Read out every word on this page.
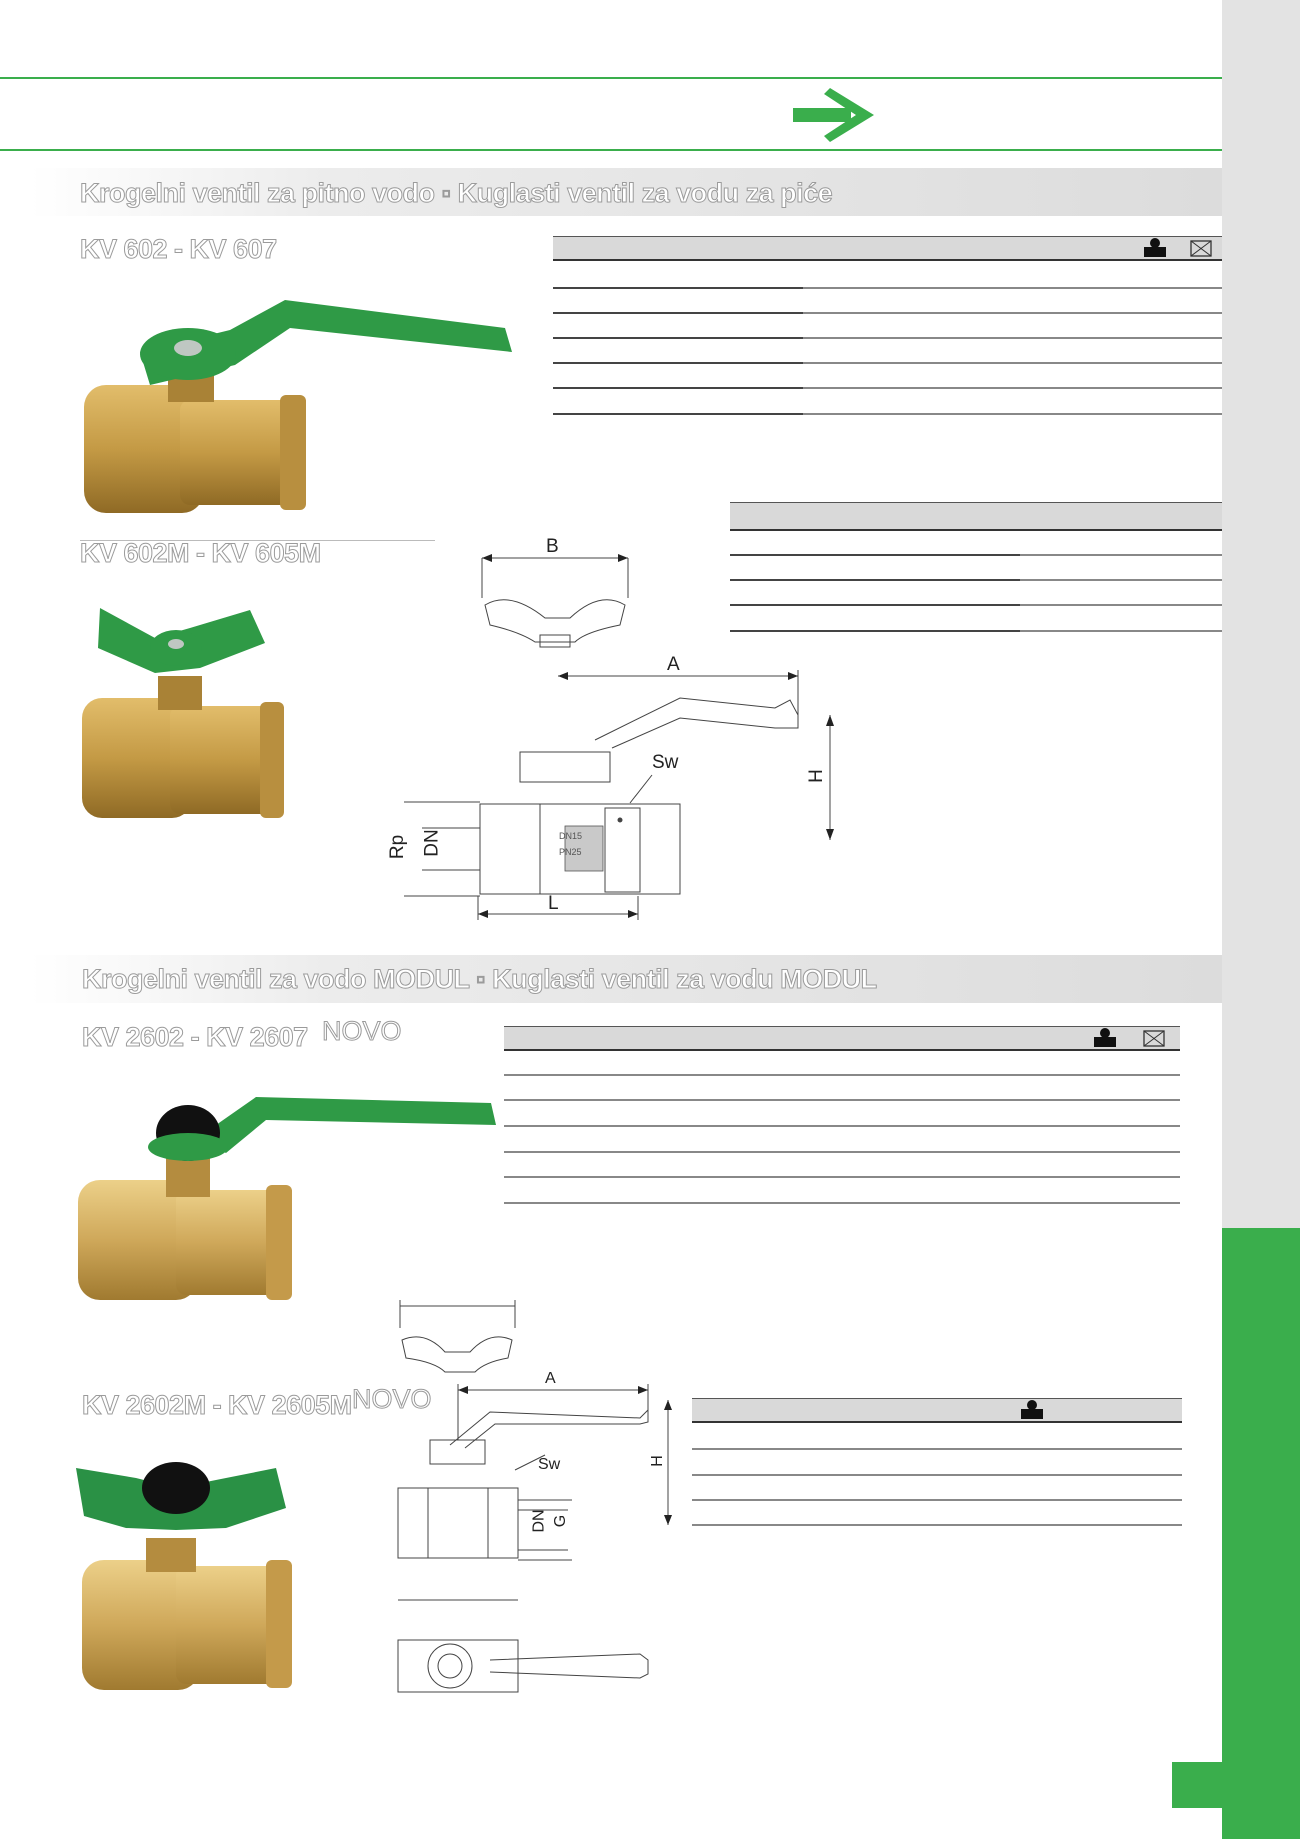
Krogelni ventil za pitno vodo ▫ Kuglasti ventil za vodu za piće
KV 602 - KV 607
KV 602M - KV 605M
DN15
PN25
B
A
Sw
H
Rp DN
L
Krogelni ventil za vodo MODUL ▫ Kuglasti ventil za vodu MODUL
KV 2602 - KV 2607 NOVO
KV 2602M - KV 2605M NOVO
A
Sw	H
DN G
